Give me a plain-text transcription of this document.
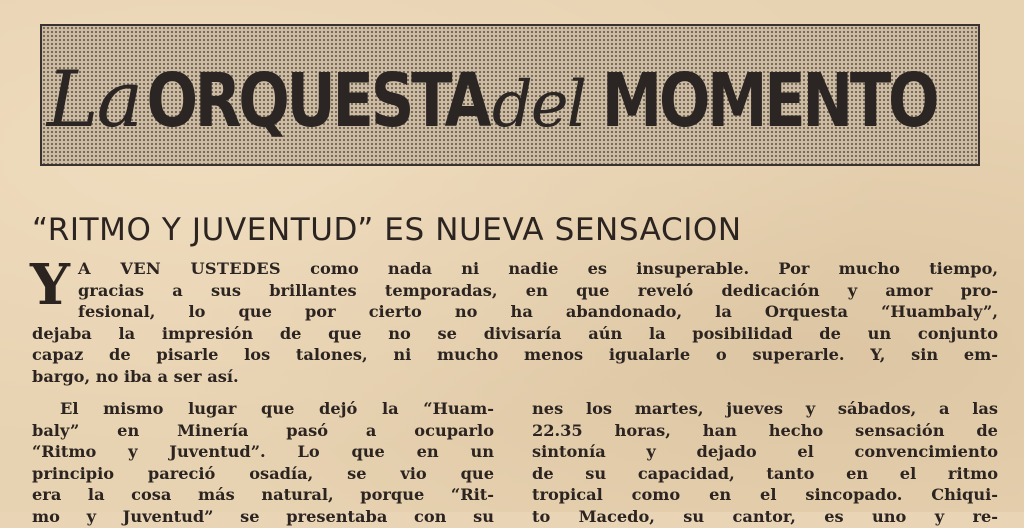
La ORQUESTA del MOMENTO
“RITMO Y JUVENTUD” ES NUEVA SENSACION
Y A VEN USTEDES como nada ni nadie es insuperable. Por mucho tiempo,
gracias a sus brillantes temporadas, en que reveló dedicación y amor pro-
fesional, lo que por cierto no ha abandonado, la Orquesta “Huambaly”,
dejaba la impresión de que no se divisaría aún la posibilidad de un conjunto
capaz de pisarle los talones, ni mucho menos igualarle o superarle. Y, sin em-
bargo, no iba a ser así.
El mismo lugar que dejó la “Huam-
baly” en Minería pasó a ocuparlo
“Ritmo y Juventud”. Lo que en un
principio pareció osadía, se vio que
era la cosa más natural, porque “Rit-
mo y Juventud” se presentaba con su
nes los martes, jueves y sábados, a las
22.35 horas, han hecho sensación de
sintonía y dejado el convencimiento
de su capacidad, tanto en el ritmo
tropical como en el sincopado. Chiqui-
to Macedo, su cantor, es uno y re-
